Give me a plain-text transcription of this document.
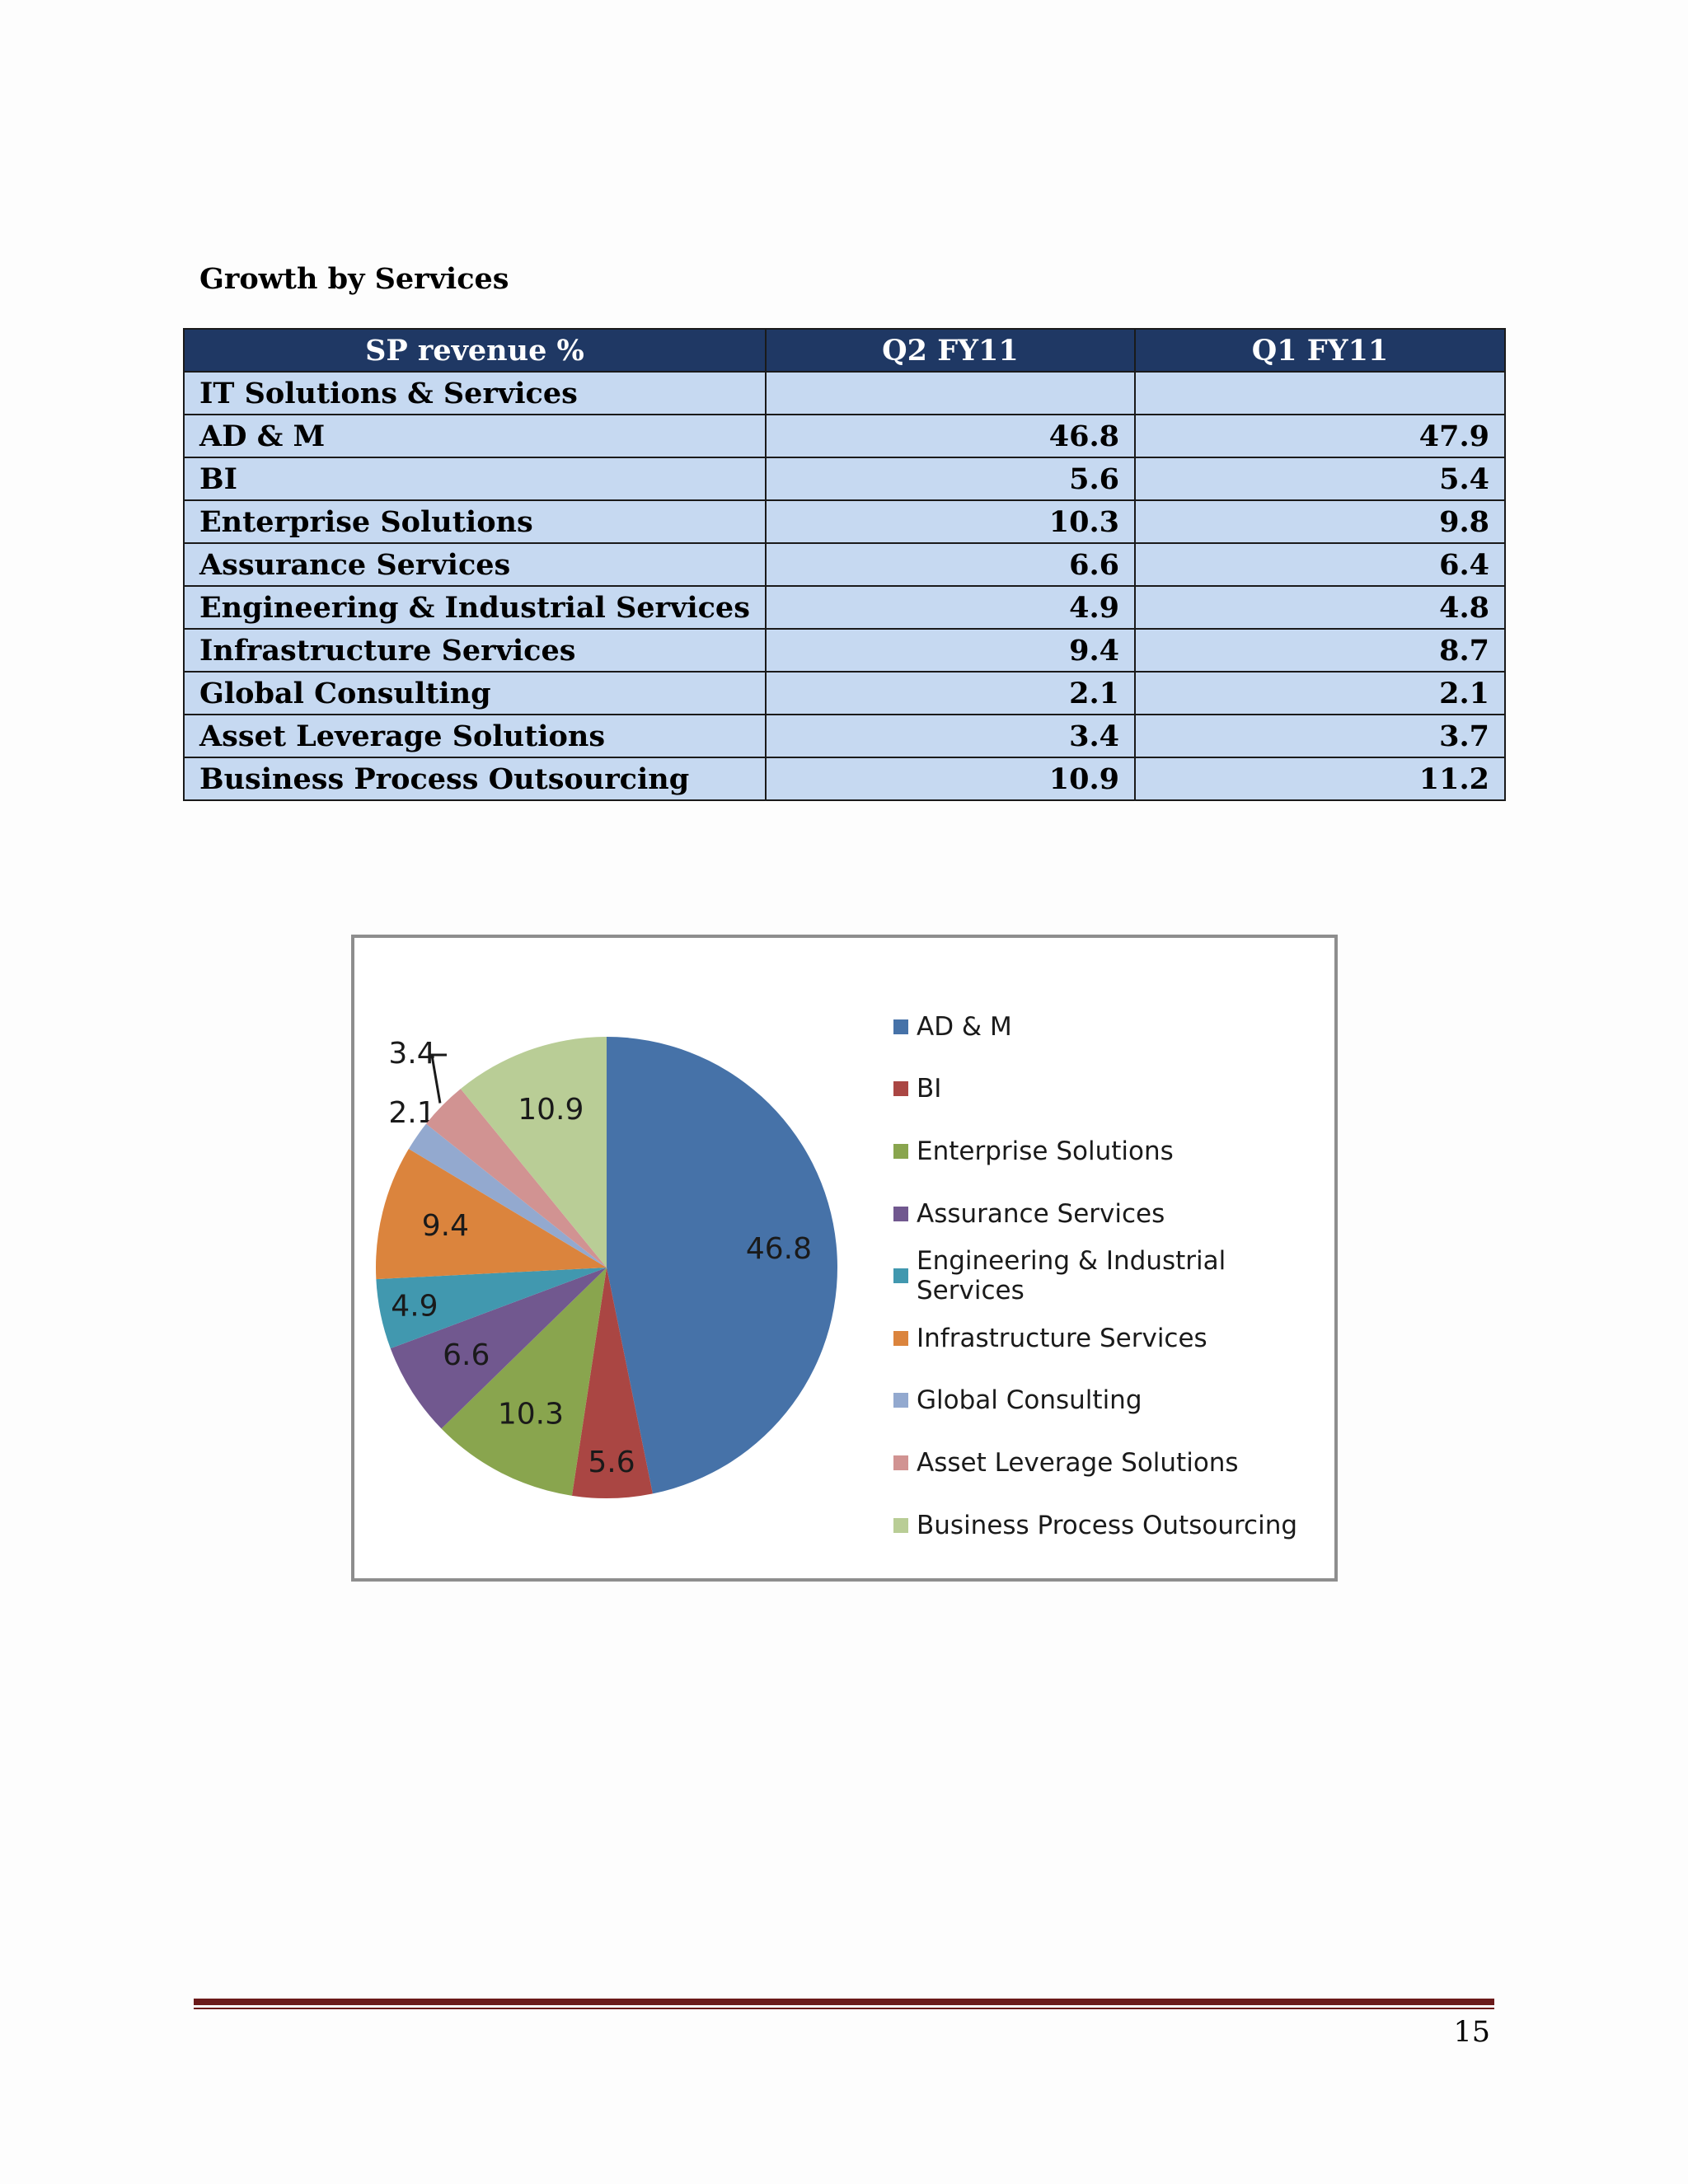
Growth by Services
SP revenue %	Q2 FY11	Q1 FY11
IT Solutions & Services		
AD & M	46.8	47.9
BI	5.6	5.4
Enterprise Solutions	10.3	9.8
Assurance Services	6.6	6.4
Engineering & Industrial Services	4.9	4.8
Infrastructure Services	9.4	8.7
Global Consulting	2.1	2.1
Asset Leverage Solutions	3.4	3.7
Business Process Outsourcing	10.9	11.2
46.8
5.6
10.3
6.6
4.9
9.4
2.1
3.4
10.9
AD & M
BI
Enterprise Solutions
Assurance Services
Engineering & Industrial Services
Infrastructure Services
Global Consulting
Asset Leverage Solutions
Business Process Outsourcing
15
